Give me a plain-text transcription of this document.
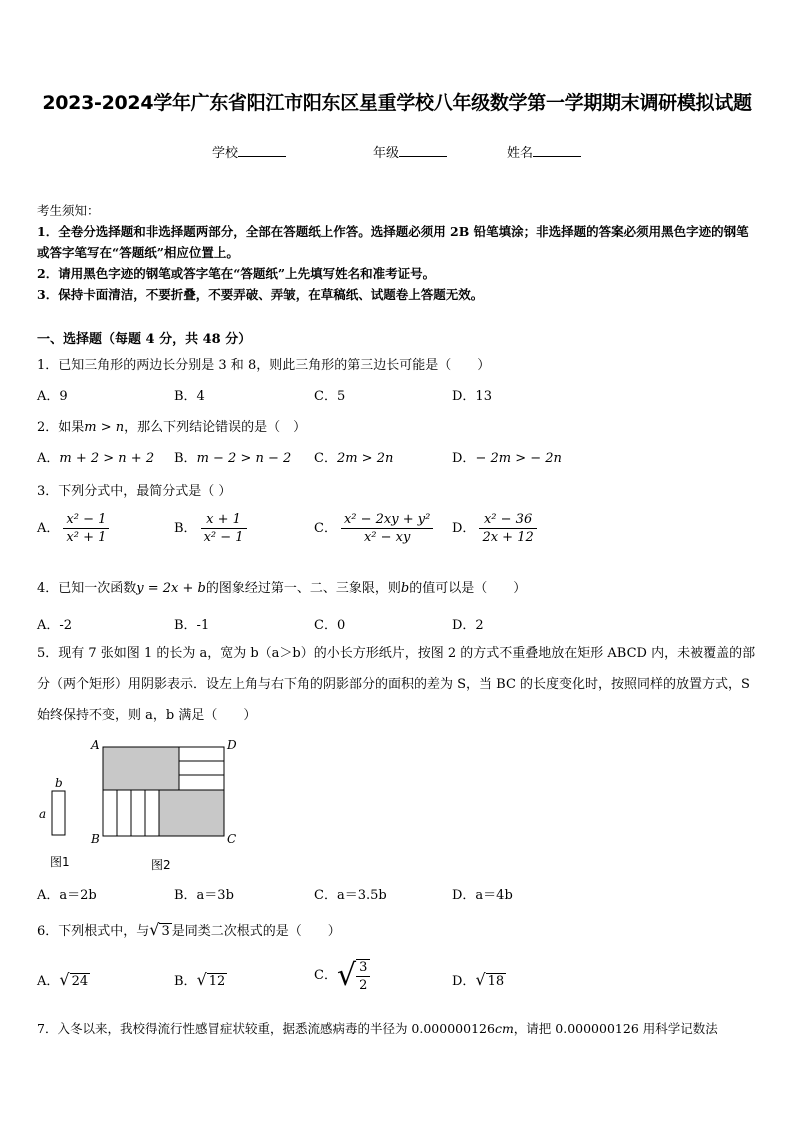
2023-2024学年广东省阳江市阳东区星重学校八年级数学第一学期期末调研模拟试题
学校	年级	姓名
考生须知：
1．全卷分选择题和非选择题两部分，全部在答题纸上作答。选择题必须用 2B 铅笔填涂；非选择题的答案必须用黑色字迹的钢笔或答字笔写在“答题纸”相应位置上。
2．请用黑色字迹的钢笔或答字笔在“答题纸”上先填写姓名和准考证号。
3．保持卡面清洁，不要折叠，不要弄破、弄皱，在草稿纸、试题卷上答题无效。
一、选择题（每题 4 分，共 48 分）
1．已知三角形的两边长分别是 3 和 8，则此三角形的第三边长可能是（　　）
A．9	B．4	C．5	D．13
2．如果m > n，那么下列结论错误的是（　）
A．m + 2 > n + 2 B．m − 2 > n − 2 C．2m > 2n	D．− 2m > − 2n
3．下列分式中，最简分式是（ ）
A． $\frac{\text{x² − 1}}{\text{x² + 1}}$	B． $\frac{x + 1}{\text{x² − 1}}$	C． $\frac{\text{x² − 2xy + y²}}{\text{x² − xy}}$ D． $\frac{\text{x² − 36}}{2x + 12}$
4．已知一次函数y = 2x + b的图象经过第一、二、三象限，则b的值可以是（　　）
A．-2	B．-1	C．0	D．2
5．现有 7 张如图 1 的长为 a，宽为 b（a＞b）的小长方形纸片，按图 2 的方式不重叠地放在矩形 ABCD 内，未被覆盖的部分（两个矩形）用阴影表示．设左上角与右下角的阴影部分的面积的差为 S，当 BC 的长度变化时，按照同样的放置方式，S 始终保持不变，则 a，b 满足（　　）
b
a
图1
A	D
B	C
图2
A．a＝2b	B．a＝3b	C．a＝3.5b	D．a＝4b
6．下列根式中，与√ 3 是同类二次根式的是（　　）
A．√ 24	B．√ 12	C．√ $\frac{3}{2}$	D．√ 18
7．入冬以来，我校得流行性感冒症状较重，据悉流感病毒的半径为 0.000000126cm，请把 0.000000126 用科学记数法
